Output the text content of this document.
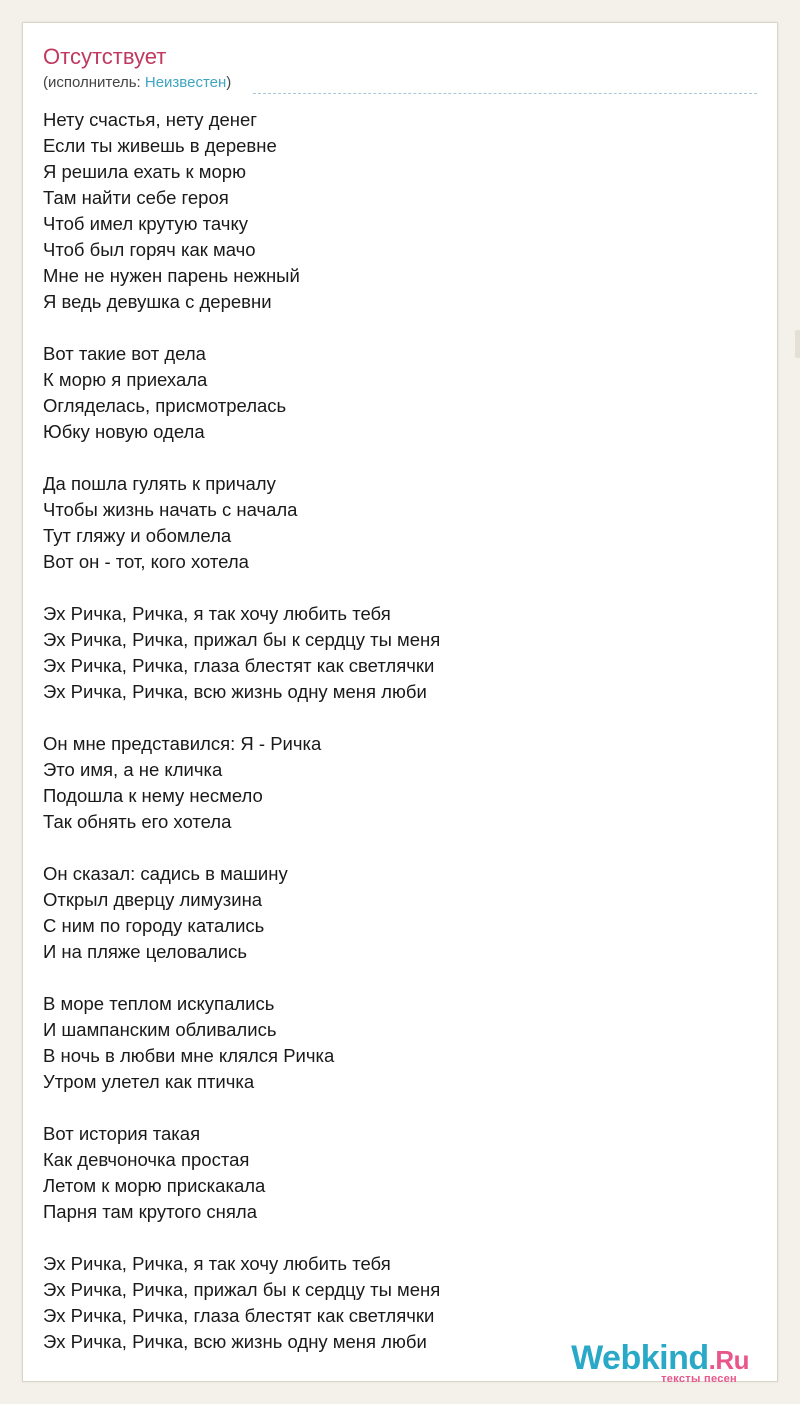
Отсутствует
(исполнитель: Неизвестен)
Нету счастья, нету денег
Если ты живешь в деревне
Я решила ехать к морю
Там найти себе героя
Чтоб имел крутую тачку
Чтоб был горяч как мачо
Мне не нужен парень нежный
Я ведь девушка с деревни
Вот такие вот дела
К морю я приехала
Огляделась, присмотрелась
Юбку новую одела
Да пошла гулять к причалу
Чтобы жизнь начать с начала
Тут гляжу и обомлела
Вот он - тот, кого хотела
Эх Ричка, Ричка, я так хочу любить тебя
Эх Ричка, Ричка, прижал бы к сердцу ты меня
Эх Ричка, Ричка, глаза блестят как светлячки
Эх Ричка, Ричка, всю жизнь одну меня люби
Он мне представился: Я - Ричка
Это имя, а не кличка
Подошла к нему несмело
Так обнять его хотела
Он сказал: садись в машину
Открыл дверцу лимузина
С ним по городу катались
И на пляже целовались
В море теплом искупались
И шампанским обливались
В ночь в любви мне клялся Ричка
Утром улетел как птичка
Вот история такая
Как девчоночка простая
Летом к морю прискакала
Парня там крутого сняла
Эх Ричка, Ричка, я так хочу любить тебя
Эх Ричка, Ричка, прижал бы к сердцу ты меня
Эх Ричка, Ричка, глаза блестят как светлячки
Эх Ричка, Ричка, всю жизнь одну меня люби	Webkind.Ru
тексты песен
